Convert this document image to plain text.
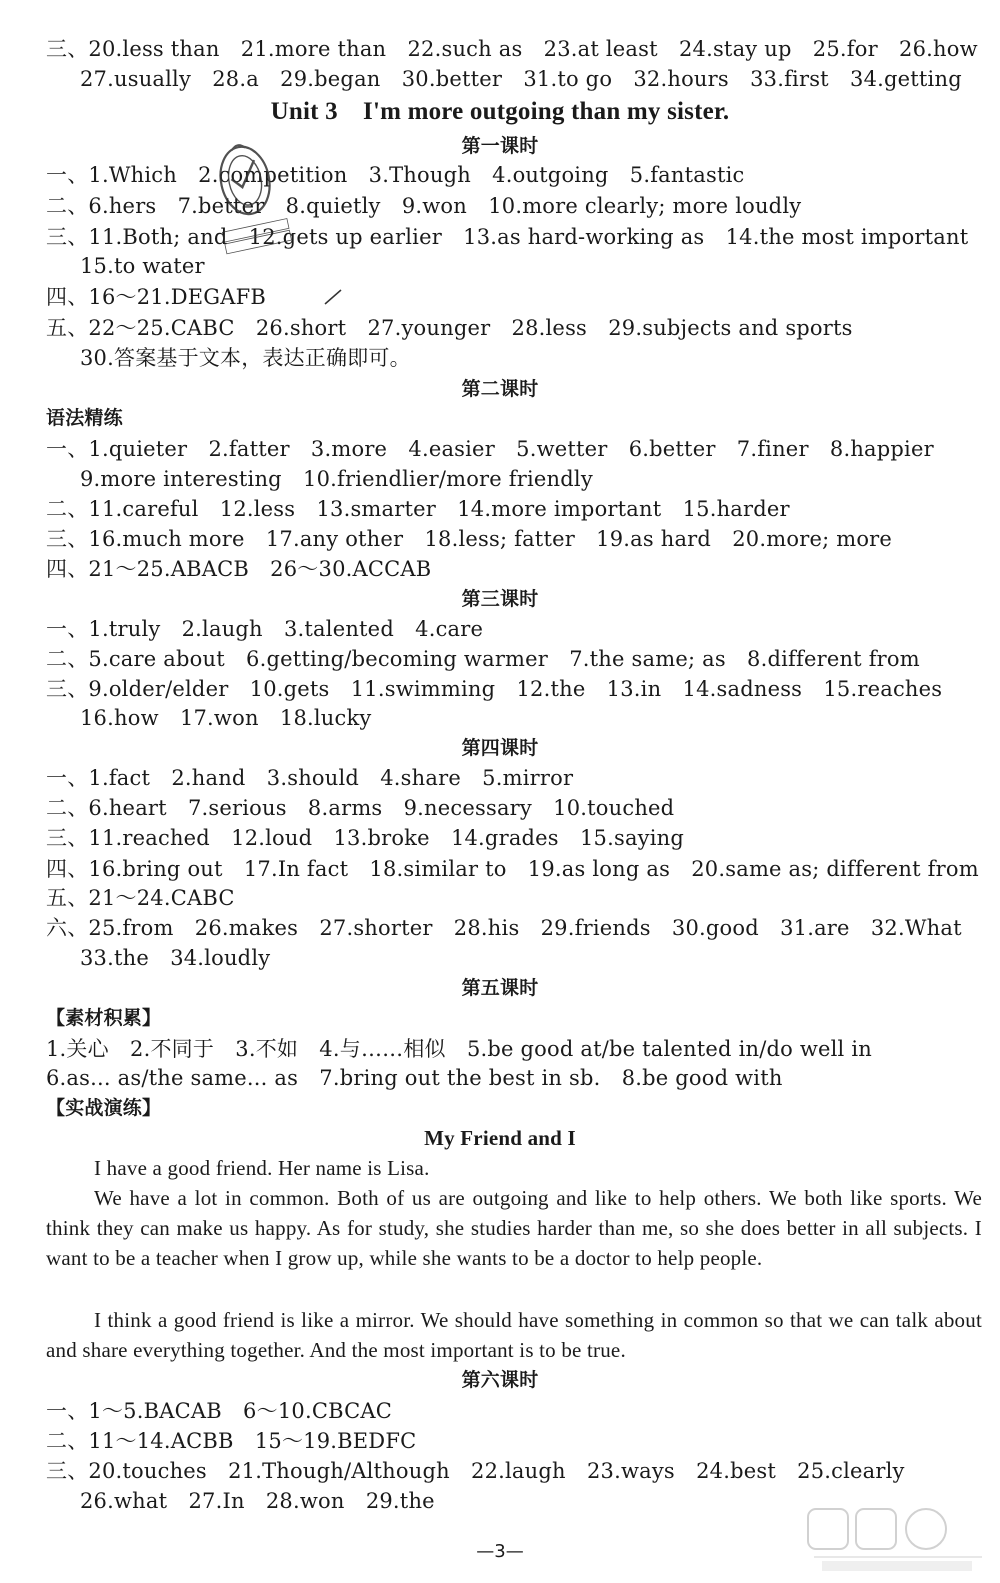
三、20.less than　21.more than　22.such as　23.at least　24.stay up　25.for　26.how
27.usually　28.a　29.began　30.better　31.to go　32.hours　33.first　34.getting
Unit 3　I'm more outgoing than my sister.
第一课时
一、1.Which　2.competition　3.Though　4.outgoing　5.fantastic
二、6.hers　7.better　8.quietly　9.won　10.more clearly; more loudly
三、11.Both; and　12.gets up earlier　13.as hard-working as　14.the most important
15.to water
四、16～21.DEGAFB
五、22～25.CABC　26.short　27.younger　28.less　29.subjects and sports
30.答案基于文本，表达正确即可。
第二课时
语法精练
一、1.quieter　2.fatter　3.more　4.easier　5.wetter　6.better　7.finer　8.happier
9.more interesting　10.friendlier/more friendly
二、11.careful　12.less　13.smarter　14.more important　15.harder
三、16.much more　17.any other　18.less; fatter　19.as hard　20.more; more
四、21～25.ABACB　26～30.ACCAB
第三课时
一、1.truly　2.laugh　3.talented　4.care
二、5.care about　6.getting/becoming warmer　7.the same; as　8.different from
三、9.older/elder　10.gets　11.swimming　12.the　13.in　14.sadness　15.reaches
16.how　17.won　18.lucky
第四课时
一、1.fact　2.hand　3.should　4.share　5.mirror
二、6.heart　7.serious　8.arms　9.necessary　10.touched
三、11.reached　12.loud　13.broke　14.grades　15.saying
四、16.bring out　17.In fact　18.similar to　19.as long as　20.same as; different from
五、21～24.CABC
六、25.from　26.makes　27.shorter　28.his　29.friends　30.good　31.are　32.What
33.the　34.loudly
第五课时
【素材积累】
1.关心　2.不同于　3.不如　4.与……相似　5.be good at/be talented in/do well in
6.as... as/the same... as　7.bring out the best in sb.　8.be good with
【实战演练】
My Friend and I
I have a good friend. Her name is Lisa.
We have a lot in common. Both of us are outgoing and like to help others. We both like sports. We think they can make us happy. As for study, she studies harder than me, so she does better in all subjects. I want to be a teacher when I grow up, while she wants to be a doctor to help people.
I think a good friend is like a mirror. We should have something in common so that we can talk about and share everything together. And the most important is to be true.
第六课时
一、1～5.BACAB　6～10.CBCAC
二、11～14.ACBB　15～19.BEDFC
三、20.touches　21.Though/Although　22.laugh　23.ways　24.best　25.clearly
26.what　27.In　28.won　29.the
—3—
